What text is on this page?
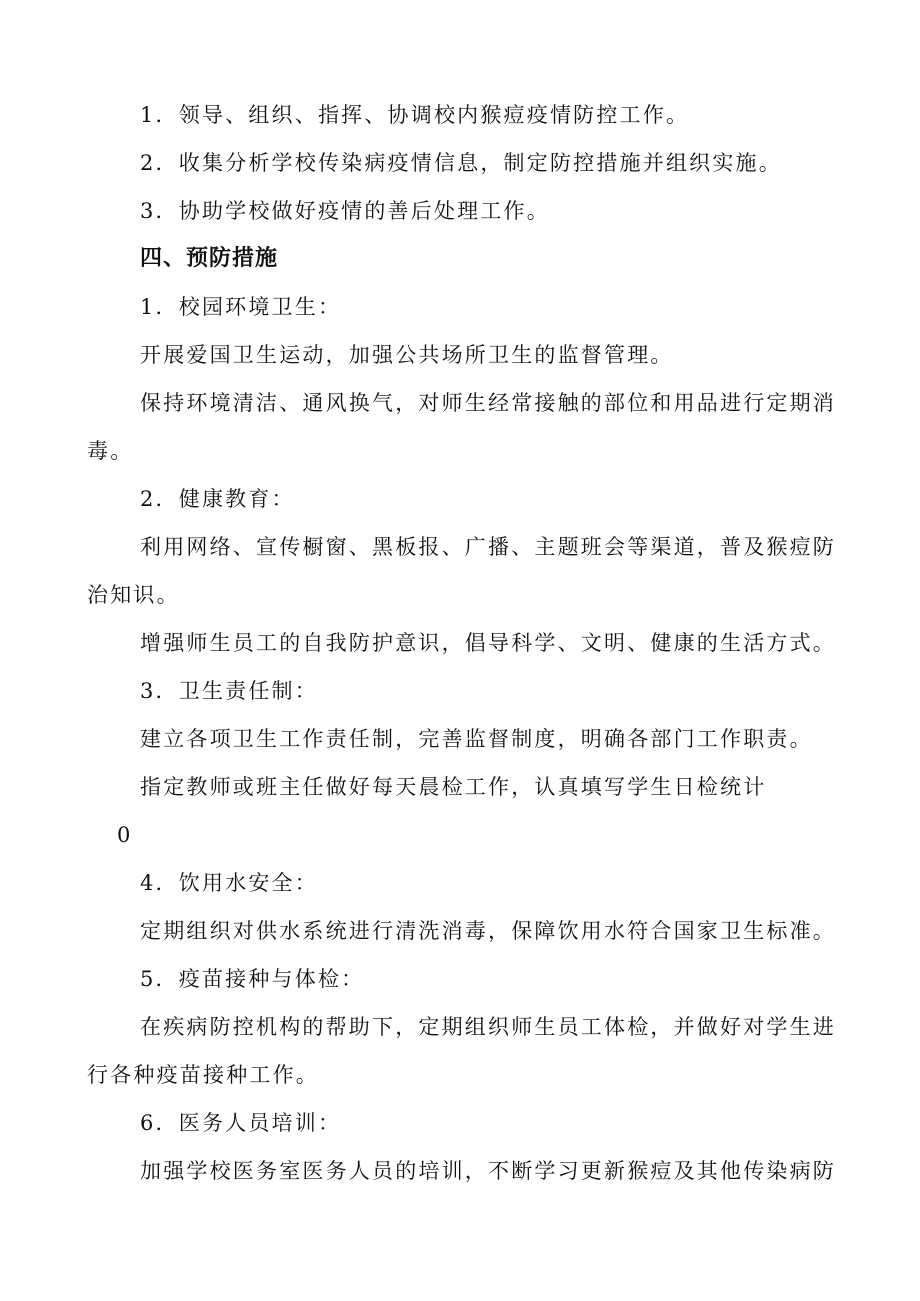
1．领导、组织、指挥、协调校内猴痘疫情防控工作。

2．收集分析学校传染病疫情信息，制定防控措施并组织实施。

3．协助学校做好疫情的善后处理工作。

四、预防措施

1．校园环境卫生：

开展爱国卫生运动，加强公共场所卫生的监督管理。

保持环境清洁、通风换气，对师生经常接触的部位和用品进行定期消

毒。

2．健康教育：

利用网络、宣传橱窗、黑板报、广播、主题班会等渠道，普及猴痘防

治知识。

增强师生员工的自我防护意识，倡导科学、文明、健康的生活方式。

3．卫生责任制：

建立各项卫生工作责任制，完善监督制度，明确各部门工作职责。

指定教师或班主任做好每天晨检工作，认真填写学生日检统计

0

4．饮用水安全：

定期组织对供水系统进行清洗消毒，保障饮用水符合国家卫生标准。

5．疫苗接种与体检：

在疾病防控机构的帮助下，定期组织师生员工体检，并做好对学生进

行各种疫苗接种工作。

6．医务人员培训：

加强学校医务室医务人员的培训，不断学习更新猴痘及其他传染病防
